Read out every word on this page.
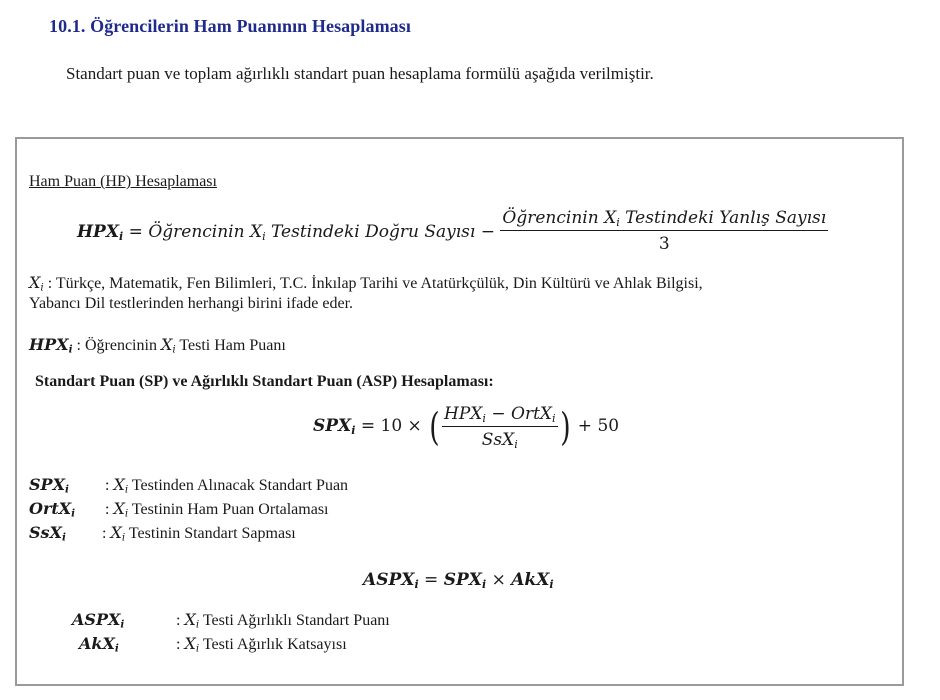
10.1. Öğrencilerin Ham Puanının Hesaplaması
Standart puan ve toplam ağırlıklı standart puan hesaplama formülü aşağıda verilmiştir.
Ham Puan (HP) Hesaplaması
$HPX_i$ = Öğrencinin $X_i$ Testindeki Doğru Sayısı − $\frac{Öğrencinin X_i Testindeki Yanlış Sayısı}{3}$
$X_i$ : Türkçe, Matematik, Fen Bilimleri, T.C. İnkılap Tarihi ve Atatürkçülük, Din Kültürü ve Ahlak Bilgisi,
Yabancı Dil testlerinden herhangi birini ifade eder.
$HPX_i$ : Öğrencinin $X_i$ Testi Ham Puanı
Standart Puan (SP) ve Ağırlıklı Standart Puan (ASP) Hesaplaması:
$SPX_i = 10$ × ( $\frac{HPX_i - OrtX_i}{SsX_i}$ ) + 50
$SPX_i$ : $X_i$ Testinden Alınacak Standart Puan
OrtX$_i$ : $X_i$ Testinin Ham Puan Ortalaması
SsX$_i$ : $X_i$ Testinin Standart Sapması
$ASPX_i = SPX_i \times AkX_i$
$ASPX_i$	: $X_i$ Testi Ağırlıklı Standart Puanı
AkX$_i$	: $X_i$ Testi Ağırlık Katsayısı
